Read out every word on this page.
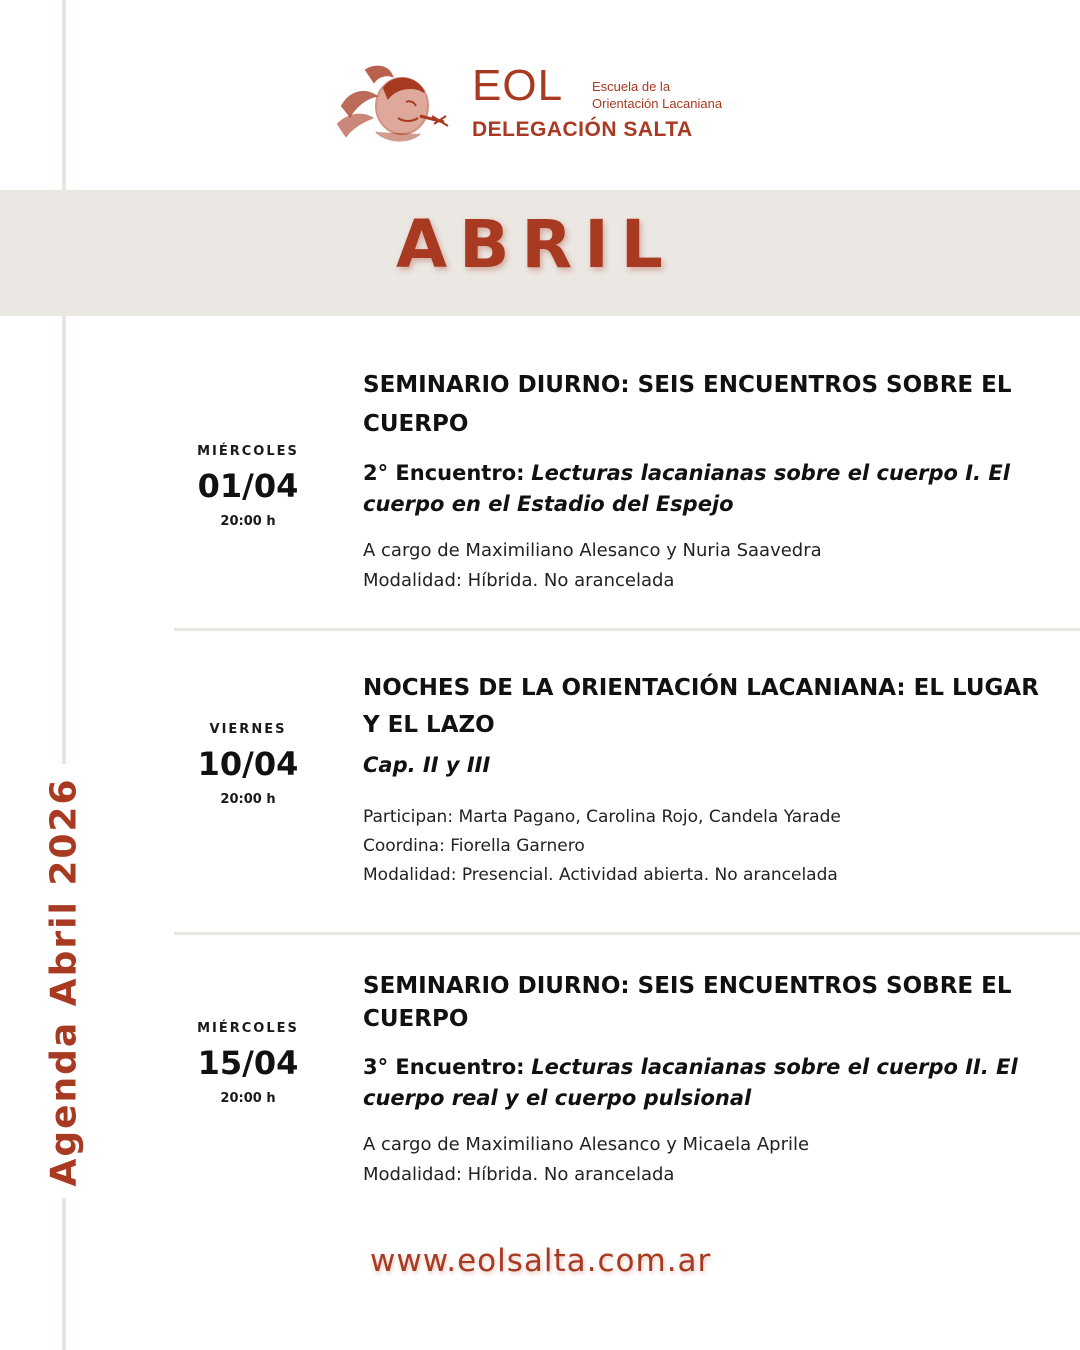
Agenda Abril 2026
EOL Escuela de la
Orientación Lacaniana
DELEGACIÓN SALTA
ABRIL
MIÉRCOLES
01/04
20:00 h

SEMINARIO DIURNO: SEIS ENCUENTROS SOBRE EL CUERPO

2° Encuentro: Lecturas lacanianas sobre el cuerpo I. El cuerpo en el Estadio del Espejo

A cargo de Maximiliano Alesanco y Nuria Saavedra

Modalidad: Híbrida. No arancelada

VIERNES
10/04
20:00 h

NOCHES DE LA ORIENTACIÓN LACANIANA: EL LUGAR Y EL LAZO

Cap. II y III

Participan: Marta Pagano, Carolina Rojo, Candela Yarade

Coordina: Fiorella Garnero

Modalidad: Presencial. Actividad abierta. No arancelada

MIÉRCOLES
15/04
20:00 h

SEMINARIO DIURNO: SEIS ENCUENTROS SOBRE EL CUERPO

3° Encuentro: Lecturas lacanianas sobre el cuerpo II. El cuerpo real y el cuerpo pulsional

A cargo de Maximiliano Alesanco y Micaela Aprile

Modalidad: Híbrida. No arancelada

www.eolsalta.com.ar
